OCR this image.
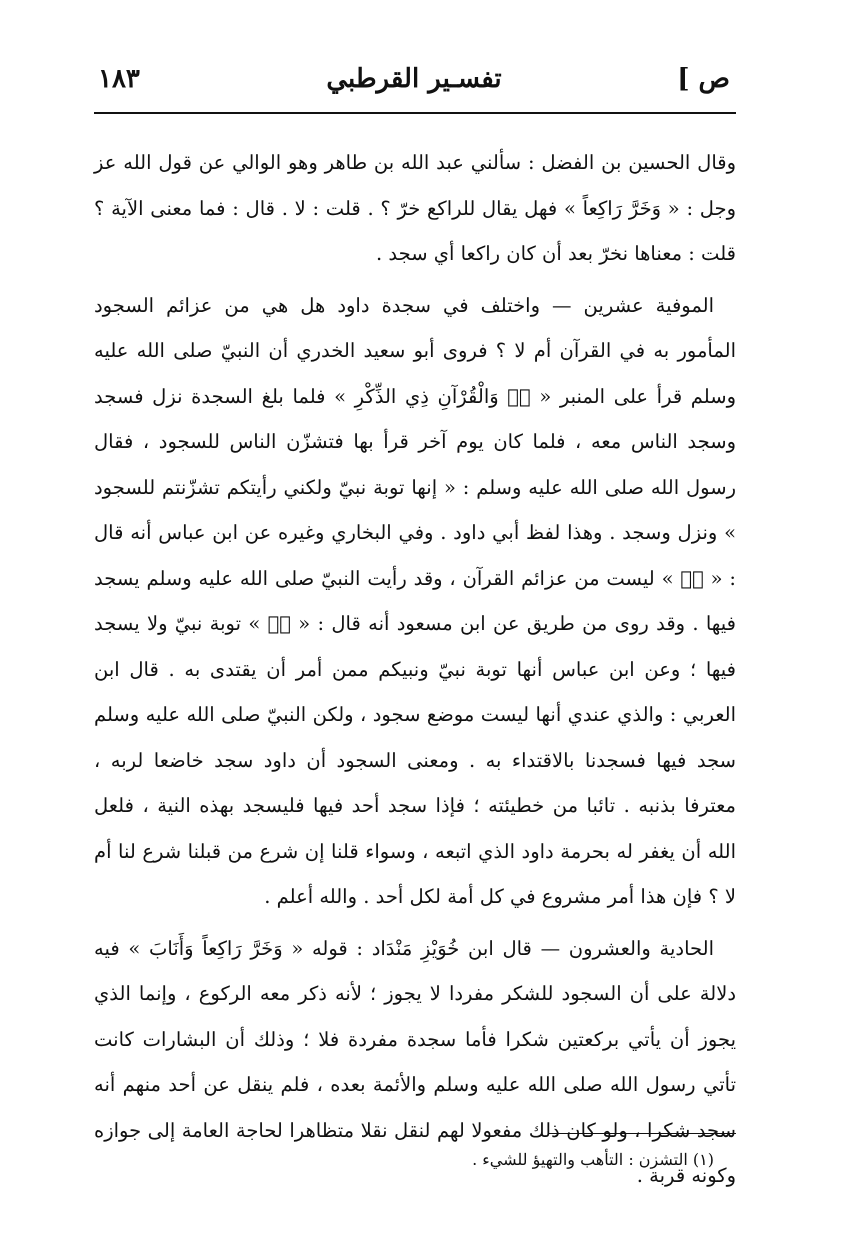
ص ]
تفسـير القرطبي
١٨٣

وقال الحسين بن الفضل : سألني عبد الله بن طاهر وهو الوالي عن قول الله عز وجل : « وَخَرَّ رَاكِعاً » فهل يقال للراكع خرّ ؟ . قلت : لا . قال : فما معنى الآية ؟ قلت : معناها نخرّ بعد أن كان راكعا أي سجد .

الموفية عشرين — واختلف في سجدة داود هل هي من عزائم السجود المأمور به في القرآن أم لا ؟ فروى أبو سعيد الخدري أن النبيّ صلى الله عليه وسلم قرأ على المنبر « صۤ وَالْقُرْآنِ ذِي الذِّكْرِ » فلما بلغ السجدة نزل فسجد وسجد الناس معه ، فلما كان يوم آخر قرأ بها فتشزّن الناس للسجود ، فقال رسول الله صلى الله عليه وسلم : « إنها توبة نبيّ ولكني رأيتكم تشزّنتم للسجود » ونزل وسجد . وهذا لفظ أبي داود . وفي البخاري وغيره عن ابن عباس أنه قال : « صۤ » ليست من عزائم القرآن ، وقد رأيت النبيّ صلى الله عليه وسلم يسجد فيها . وقد روى من طريق عن ابن مسعود أنه قال : « صۤ » توبة نبيّ ولا يسجد فيها ؛ وعن ابن عباس أنها توبة نبيّ ونبيكم ممن أمر أن يقتدى به . قال ابن العربي : والذي عندي أنها ليست موضع سجود ، ولكن النبيّ صلى الله عليه وسلم سجد فيها فسجدنا بالاقتداء به . ومعنى السجود أن داود سجد خاضعا لربه ، معترفا بذنبه . تائبا من خطيئته ؛ فإذا سجد أحد فيها فليسجد بهذه النية ، فلعل الله أن يغفر له بحرمة داود الذي اتبعه ، وسواء قلنا إن شرع من قبلنا شرع لنا أم لا ؟ فإن هذا أمر مشروع في كل أمة لكل أحد . والله أعلم .

الحادية والعشرون — قال ابن خُوَيْزِ مَنْدَاد : قوله « وَخَرَّ رَاكِعاً وَأَنَابَ » فيه دلالة على أن السجود للشكر مفردا لا يجوز ؛ لأنه ذكر معه الركوع ، وإنما الذي يجوز أن يأتي بركعتين شكرا فأما سجدة مفردة فلا ؛ وذلك أن البشارات كانت تأتي رسول الله صلى الله عليه وسلم والأئمة بعده ، فلم ينقل عن أحد منهم أنه سجد شكرا ، ولو كان ذلك مفعولا لهم لنقل نقلا متظاهرا لحاجة العامة إلى جوازه وكونه قربة .

(١) التشزن : التأهب والتهيؤ للشيء .
